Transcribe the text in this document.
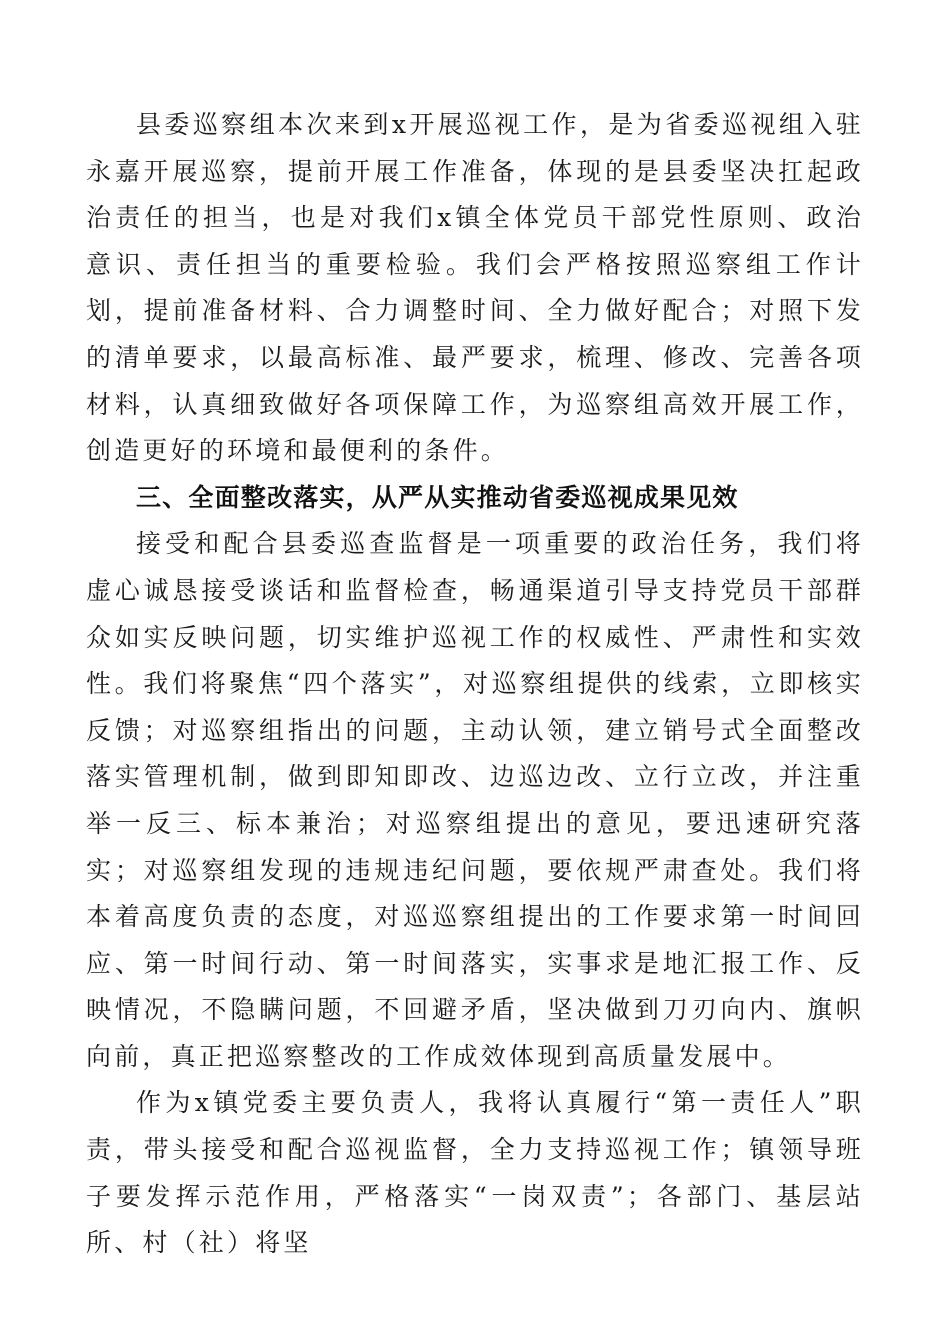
县委巡察组本次来到x开展巡视工作，是为省委巡视组入驻永嘉开展巡察，提前开展工作准备，体现的是县委坚决扛起政治责任的担当，也是对我们x镇全体党员干部党性原则、政治意识、责任担当的重要检验。我们会严格按照巡察组工作计划，提前准备材料、合力调整时间、全力做好配合；对照下发的清单要求，以最高标准、最严要求，梳理、修改、完善各项材料，认真细致做好各项保障工作，为巡察组高效开展工作，创造更好的环境和最便利的条件。

三、全面整改落实，从严从实推动省委巡视成果见效

接受和配合县委巡查监督是一项重要的政治任务，我们将虚心诚恳接受谈话和监督检查，畅通渠道引导支持党员干部群众如实反映问题，切实维护巡视工作的权威性、严肃性和实效性。我们将聚焦“四个落实”，对巡察组提供的线索，立即核实反馈；对巡察组指出的问题，主动认领，建立销号式全面整改落实管理机制，做到即知即改、边巡边改、立行立改，并注重举一反三、标本兼治；对巡察组提出的意见，要迅速研究落实；对巡察组发现的违规违纪问题，要依规严肃查处。我们将本着高度负责的态度，对巡巡察组提出的工作要求第一时间回应、第一时间行动、第一时间落实，实事求是地汇报工作、反映情况，不隐瞒问题，不回避矛盾，坚决做到刀刃向内、旗帜向前，真正把巡察整改的工作成效体现到高质量发展中。

作为x镇党委主要负责人，我将认真履行“第一责任人”职责，带头接受和配合巡视监督，全力支持巡视工作；镇领导班子要发挥示范作用，严格落实“一岗双责”；各部门、基层站所、村（社）将坚
